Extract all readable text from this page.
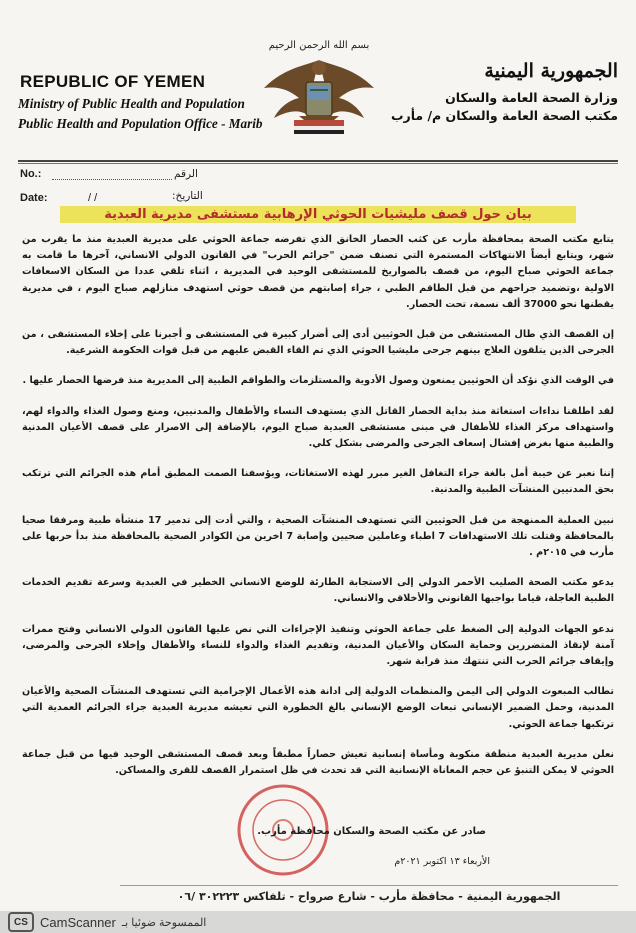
REPUBLIC OF YEMEN
Ministry of Public Health and Population
Public Health and Population Office - Marib
بسم الله الرحمن الرحيم
الجمهورية اليمنية
وزارة الصحة العامة والسكان
مكتب الصحة العامة والسكان م/ مأرب
No.:	الرقم
Date:	/ /	التاريخ:
بيان حول قصف مليشيات الحوثي الإرهابية مستشفى مديرية العبدية

يتابع مكتب الصحة بمحافظة مأرب عن كثب الحصار الخانق الذي تفرضه جماعة الحوثي على مديرية العبدية منذ ما يقرب من شهر، ويتابع أيضاً الانتهاكات المستمرة التي تصنف ضمن "جرائم الحرب" في القانون الدولي الانساني، آخرها ما قامت به جماعة الحوثي صباح اليوم، من قصف بالصواريخ للمستشفى الوحيد في المديرية ، اثناء تلقي عددا من السكان الاسعافات الاولية ،وتضميد جراحهم من قبل الطاقم الطبي ، جراء إصابتهم من قصف حوثي استهدف منازلهم صباح اليوم ، في مديرية يقطنها نحو 37000 ألف نسمة، تحت الحصار.

إن القصف الذي طال المستشفى من قبل الحوثيين أدى إلى أضرار كبيرة في المستشفى و أجبرنا على إخلاء المستشفى ، من الجرحى الذين يتلقون العلاج بينهم جرحى مليشيا الحوثي الذي تم القاء القبض عليهم من قبل قوات الحكومة الشرعية.

في الوقت الذي نؤكد أن الحوثيين يمنعون وصول الأدوية والمستلزمات والطواقم الطبية إلى المديرية منذ فرضها الحصار عليها .

لقد اطلقنا نداءات استغاثة منذ بداية الحصار القاتل الذي يستهدف النساء والأطفال والمدنيين، ومنع وصول الغذاء والدواء لهم، واستهداف مركز الغذاء للأطفال في مبنى مستشفى العبدية صباح اليوم، بالإضافة إلى الاصرار على قصف الأعيان المدنية والطبية منها بغرض إفشال إسعاف الجرحى والمرضى بشكل كلي.

إننا نعبر عن خيبة أمل بالغة جراء التغافل الغير مبرر لهذه الاستغاثات، ويؤسفنا الصمت المطبق أمام هذه الجرائم التي ترتكب بحق المدنيين المنشآت الطبية والمدنية.

نبين العملية الممنهجة من قبل الحوثيين التي تستهدف المنشآت الصحية ، والتي أدت إلى تدمير 17 منشأة طبية ومرفقا صحيا بالمحافظة وقتلت تلك الاستهدافات 7 اطباء وعاملين صحيين وإصابة 7 اخرين من الكوادر الصحية بالمحافظة منذ بدأ حربها على مأرب في ٢٠١٥م .

يدعو مكتب الصحة الصليب الأحمر الدولي إلى الاستجابة الطارئة للوضع الانساني الخطير في العبدية وسرعة تقديم الخدمات الطبية العاجلة، قياما بواجبها القانوني والأخلاقي والانساني.

ندعو الجهات الدولية إلى الضغط على جماعة الحوثي وتنفيذ الإجراءات التي نص عليها القانون الدولي الانساني وفتح ممرات آمنة لإنقاذ المتضررين وحماية السكان والأعيان المدنية، وتقديم الغذاء والدواء للنساء والأطفال وإخلاء الجرحى والمرضى، وإيقاف جرائم الحرب التي تنتهك منذ قرابة شهر.

تطالب المبعوث الدولي إلى اليمن والمنظمات الدولية إلى ادانة هذه الأعمال الإجرامية التي تستهدف المنشآت الصحية والأعيان المدنية، وحمل الضمير الإنساني تبعات الوضع الإنساني بالغ الخطورة التي تعيشه مديرية العبدية جراء الجرائم العمدية التي ترتكبها جماعة الحوثي.

نعلن مديرية العبدية منطقة منكوبة ومأساة إنسانية تعيش حصاراً مطبقاً وبعد قصف المستشفى الوحيد فيها من قبل جماعة الحوثي لا يمكن التنبؤ عن حجم المعاناة الإنسانية التي قد تحدث في ظل استمرار القصف للقرى والمساكن.

صادر عن مكتب الصحة والسكان محافظة مأرب.
الأربعاء ١٣ اكتوبر ٢٠٢١م
الجمهورية اليمنية - محافظة مأرب - شارع صرواح - تلفاكس ٣٠٢٢٢٣ /٠٦
CS CamScanner الممسوحة ضوئيا بـ
